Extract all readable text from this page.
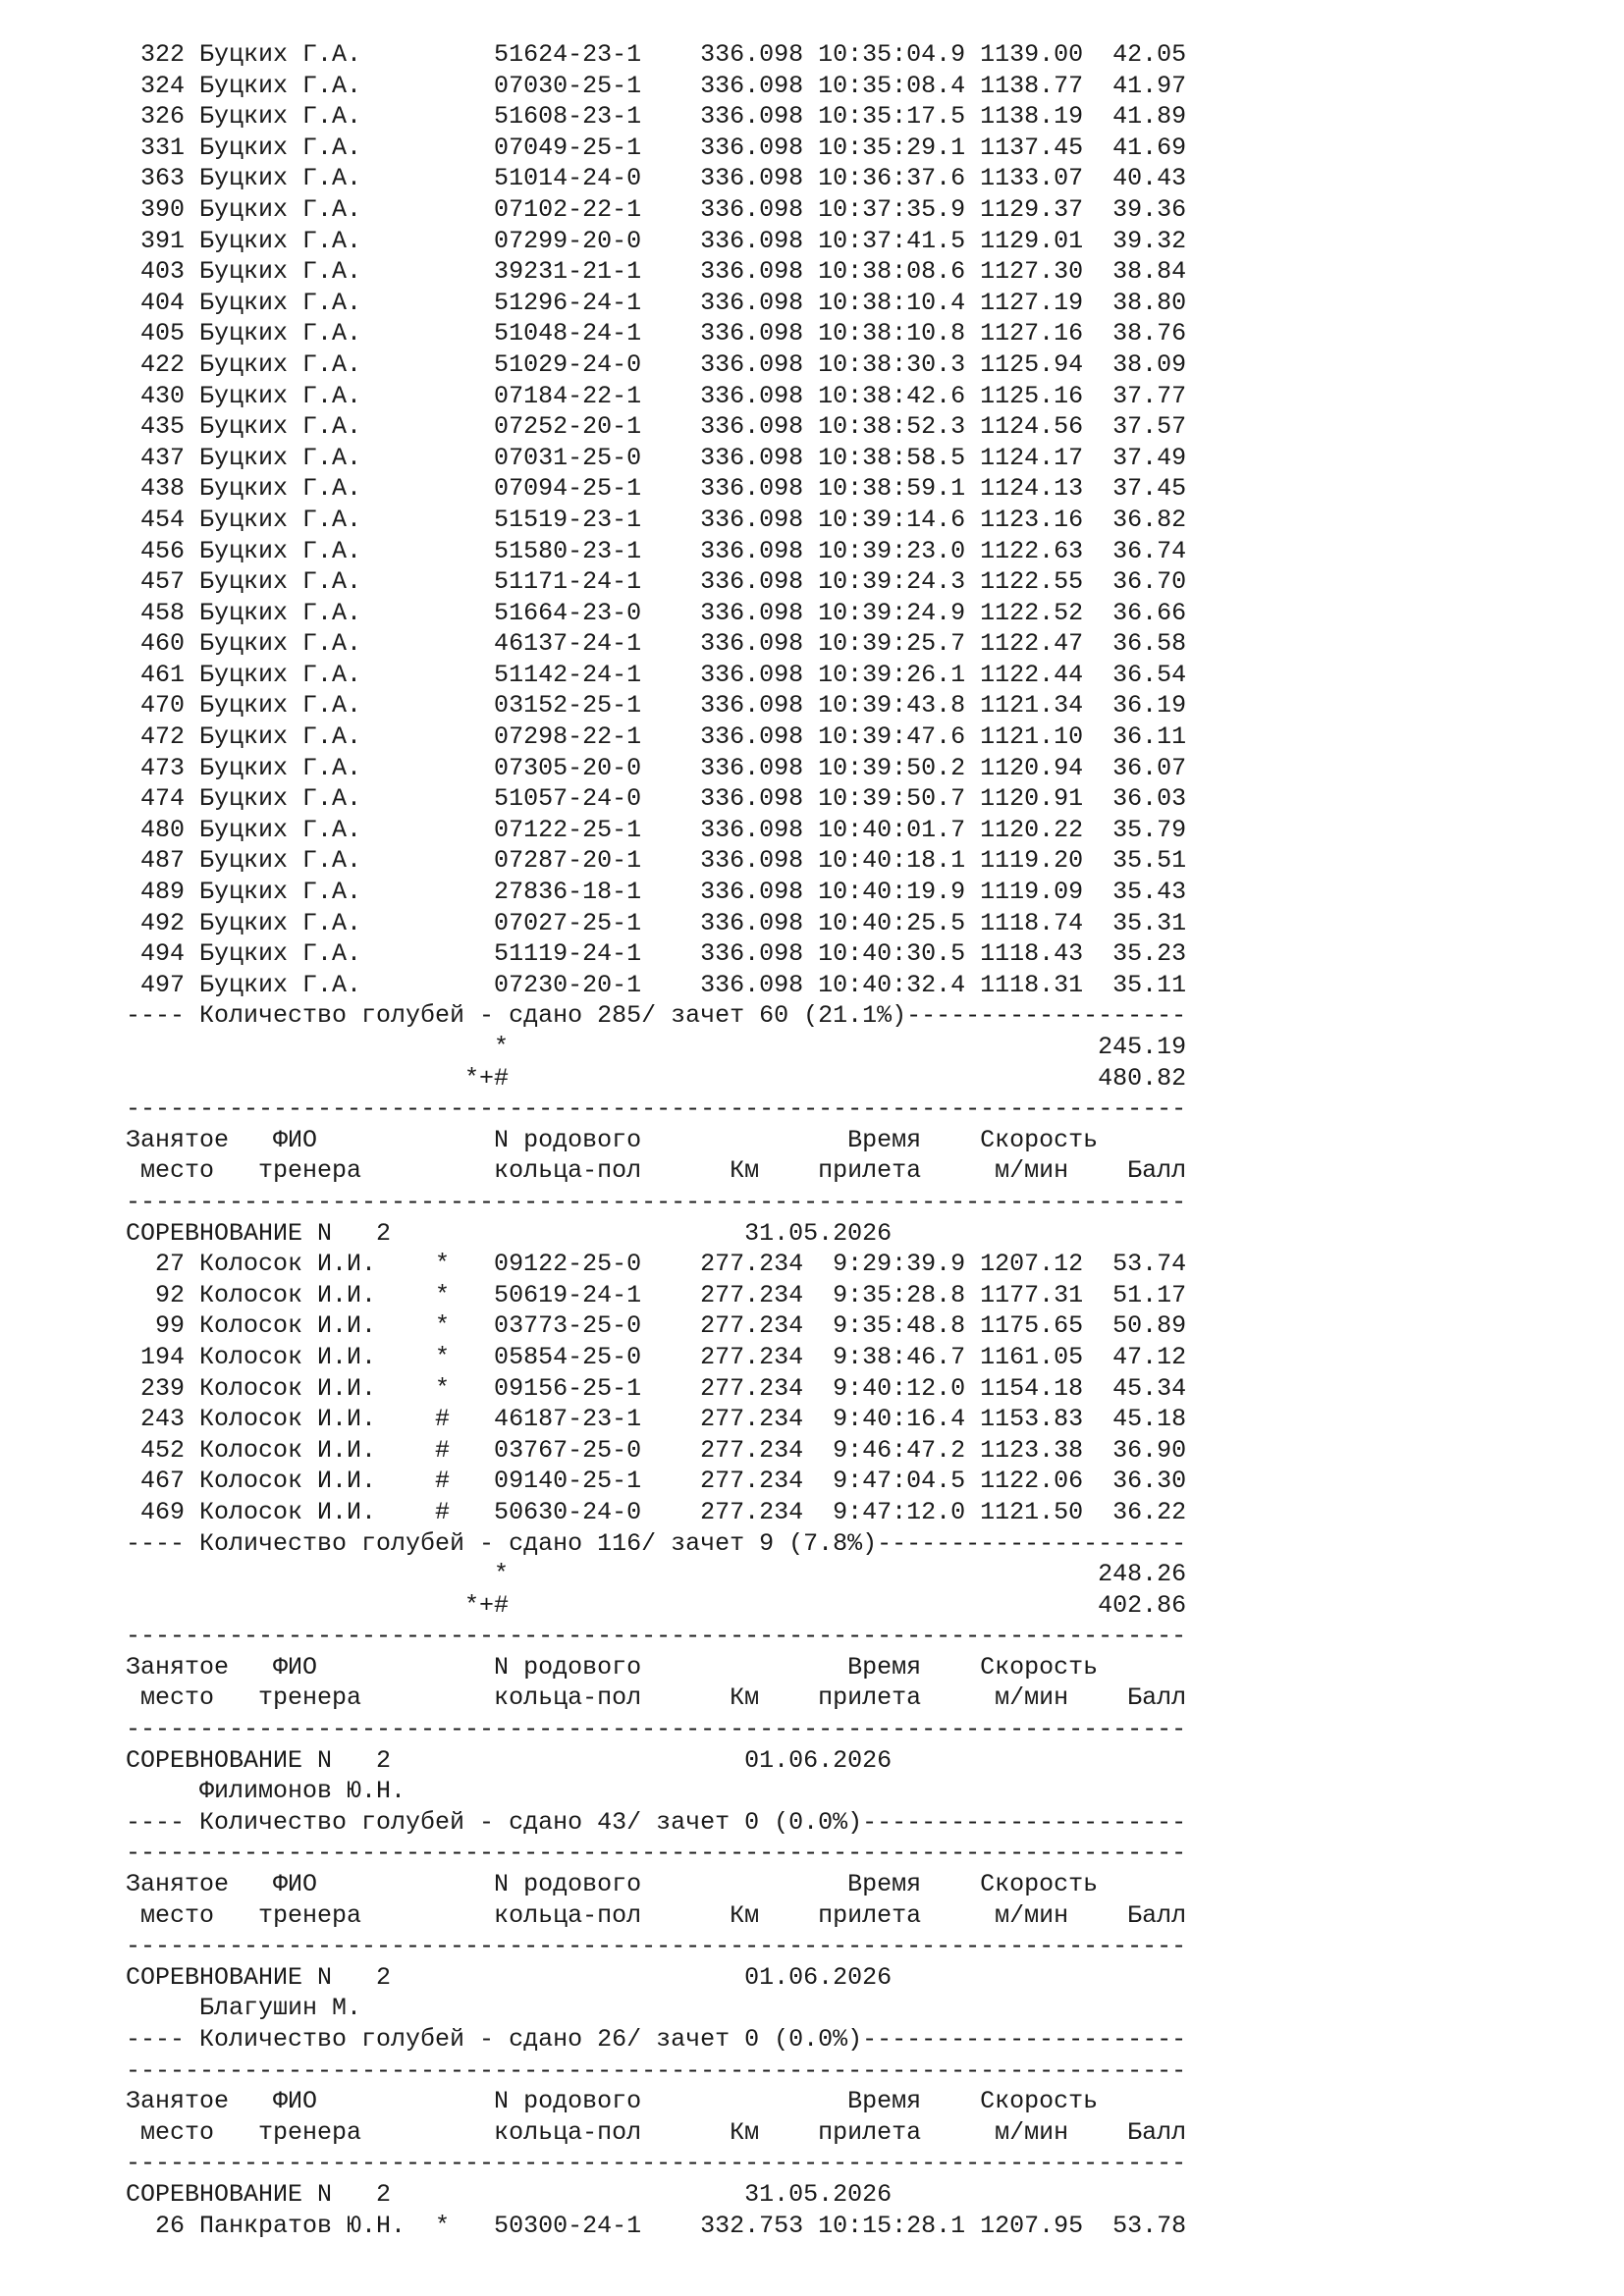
322 Буцких Г.А.         51624-23-1    336.098 10:35:04.9 1139.00  42.05
324 Буцких Г.А.         07030-25-1    336.098 10:35:08.4 1138.77  41.97
326 Буцких Г.А.         51608-23-1    336.098 10:35:17.5 1138.19  41.89
331 Буцких Г.А.         07049-25-1    336.098 10:35:29.1 1137.45  41.69
363 Буцких Г.А.         51014-24-0    336.098 10:36:37.6 1133.07  40.43
390 Буцких Г.А.         07102-22-1    336.098 10:37:35.9 1129.37  39.36
391 Буцких Г.А.         07299-20-0    336.098 10:37:41.5 1129.01  39.32
403 Буцких Г.А.         39231-21-1    336.098 10:38:08.6 1127.30  38.84
404 Буцких Г.А.         51296-24-1    336.098 10:38:10.4 1127.19  38.80
405 Буцких Г.А.         51048-24-1    336.098 10:38:10.8 1127.16  38.76
422 Буцких Г.А.         51029-24-0    336.098 10:38:30.3 1125.94  38.09
430 Буцких Г.А.         07184-22-1    336.098 10:38:42.6 1125.16  37.77
435 Буцких Г.А.         07252-20-1    336.098 10:38:52.3 1124.56  37.57
437 Буцких Г.А.         07031-25-0    336.098 10:38:58.5 1124.17  37.49
438 Буцких Г.А.         07094-25-1    336.098 10:38:59.1 1124.13  37.45
454 Буцких Г.А.         51519-23-1    336.098 10:39:14.6 1123.16  36.82
456 Буцких Г.А.         51580-23-1    336.098 10:39:23.0 1122.63  36.74
457 Буцких Г.А.         51171-24-1    336.098 10:39:24.3 1122.55  36.70
458 Буцких Г.А.         51664-23-0    336.098 10:39:24.9 1122.52  36.66
460 Буцких Г.А.         46137-24-1    336.098 10:39:25.7 1122.47  36.58
461 Буцких Г.А.         51142-24-1    336.098 10:39:26.1 1122.44  36.54
470 Буцких Г.А.         03152-25-1    336.098 10:39:43.8 1121.34  36.19
472 Буцких Г.А.         07298-22-1    336.098 10:39:47.6 1121.10  36.11
473 Буцких Г.А.         07305-20-0    336.098 10:39:50.2 1120.94  36.07
474 Буцких Г.А.         51057-24-0    336.098 10:39:50.7 1120.91  36.03
480 Буцких Г.А.         07122-25-1    336.098 10:40:01.7 1120.22  35.79
487 Буцких Г.А.         07287-20-1    336.098 10:40:18.1 1119.20  35.51
489 Буцких Г.А.         27836-18-1    336.098 10:40:19.9 1119.09  35.43
492 Буцких Г.А.         07027-25-1    336.098 10:40:25.5 1118.74  35.31
494 Буцких Г.А.         51119-24-1    336.098 10:40:30.5 1118.43  35.23
497 Буцких Г.А.         07230-20-1    336.098 10:40:32.4 1118.31  35.11
---- Количество голубей - сдано 285/ зачет 60 (21.1%)-------------------
*                                        245.19
*+#                                        480.82
------------------------------------------------------------------------
Занятое   ФИО            N родового              Время    Скорость
место   тренера         кольца-пол      Км    прилета     м/мин    Балл
------------------------------------------------------------------------
СОРЕВНОВАНИЕ N   2                        31.05.2026
27 Колосок И.И.    *   09122-25-0    277.234  9:29:39.9 1207.12  53.74
92 Колосок И.И.    *   50619-24-1    277.234  9:35:28.8 1177.31  51.17
99 Колосок И.И.    *   03773-25-0    277.234  9:35:48.8 1175.65  50.89
194 Колосок И.И.    *   05854-25-0    277.234  9:38:46.7 1161.05  47.12
239 Колосок И.И.    *   09156-25-1    277.234  9:40:12.0 1154.18  45.34
243 Колосок И.И.    #   46187-23-1    277.234  9:40:16.4 1153.83  45.18
452 Колосок И.И.    #   03767-25-0    277.234  9:46:47.2 1123.38  36.90
467 Колосок И.И.    #   09140-25-1    277.234  9:47:04.5 1122.06  36.30
469 Колосок И.И.    #   50630-24-0    277.234  9:47:12.0 1121.50  36.22
---- Количество голубей - сдано 116/ зачет 9 (7.8%)---------------------
*                                        248.26
*+#                                        402.86
------------------------------------------------------------------------
Занятое   ФИО            N родового              Время    Скорость
место   тренера         кольца-пол      Км    прилета     м/мин    Балл
------------------------------------------------------------------------
СОРЕВНОВАНИЕ N   2                        01.06.2026
Филимонов Ю.Н.
---- Количество голубей - сдано 43/ зачет 0 (0.0%)----------------------
------------------------------------------------------------------------
Занятое   ФИО            N родового              Время    Скорость
место   тренера         кольца-пол      Км    прилета     м/мин    Балл
------------------------------------------------------------------------
СОРЕВНОВАНИЕ N   2                        01.06.2026
Благушин М.
---- Количество голубей - сдано 26/ зачет 0 (0.0%)----------------------
------------------------------------------------------------------------
Занятое   ФИО            N родового              Время    Скорость
место   тренера         кольца-пол      Км    прилета     м/мин    Балл
------------------------------------------------------------------------
СОРЕВНОВАНИЕ N   2                        31.05.2026
26 Панкратов Ю.Н.  *   50300-24-1    332.753 10:15:28.1 1207.95  53.78
